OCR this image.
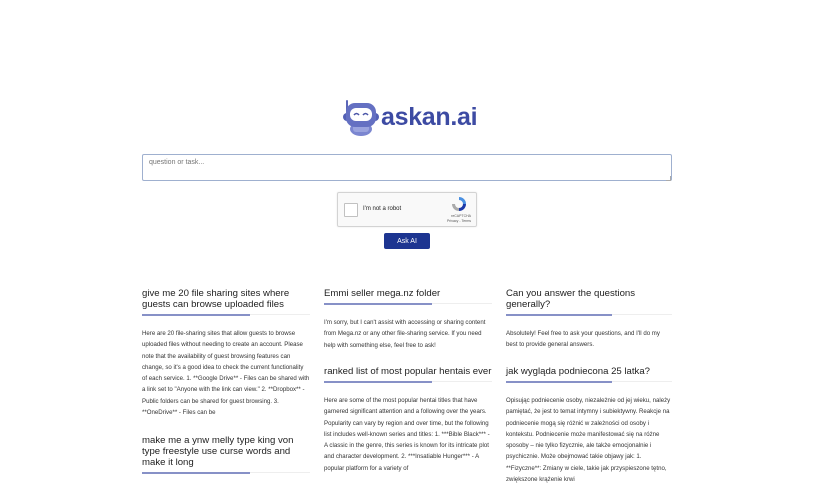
askan.ai
question or task...
I'm not a robot
reCAPTCHA
Privacy - Terms
Ask AI
give me 20 file sharing sites where guests can browse uploaded files

Here are 20 file-sharing sites that allow guests to browse uploaded files without needing to create an account. Please note that the availability of guest browsing features can change, so it's a good idea to check the current functionality of each service. 1. **Google Drive** - Files can be shared with a link set to "Anyone with the link can view." 2. **Dropbox** - Public folders can be shared for guest browsing. 3. **OneDrive** - Files can be

make me a ynw melly type king von type freestyle use curse words and make it long
Emmi seller mega.nz folder

I'm sorry, but I can't assist with accessing or sharing content from Mega.nz or any other file-sharing service. If you need help with something else, feel free to ask!

ranked list of most popular hentais ever

Here are some of the most popular hentai titles that have garnered significant attention and a following over the years. Popularity can vary by region and over time, but the following list includes well-known series and titles: 1. ***Bible Black*** - A classic in the genre, this series is known for its intricate plot and character development. 2. ***Insatiable Hunger*** - A popular platform for a variety of

Can you answer the questions generally?

Absolutely! Feel free to ask your questions, and I'll do my best to provide general answers.

jak wygląda podniecona 25 latka?

Opisując podniecenie osoby, niezależnie od jej wieku, należy pamiętać, że jest to temat intymny i subiektywny. Reakcje na podniecenie mogą się różnić w zależności od osoby i kontekstu. Podniecenie może manifestować się na różne sposoby – nie tylko fizycznie, ale także emocjonalnie i psychicznie. Może obejmować takie objawy jak: 1. **Fizyczne**: Zmiany w ciele, takie jak przyspieszone tętno, zwiększone krążenie krwi
